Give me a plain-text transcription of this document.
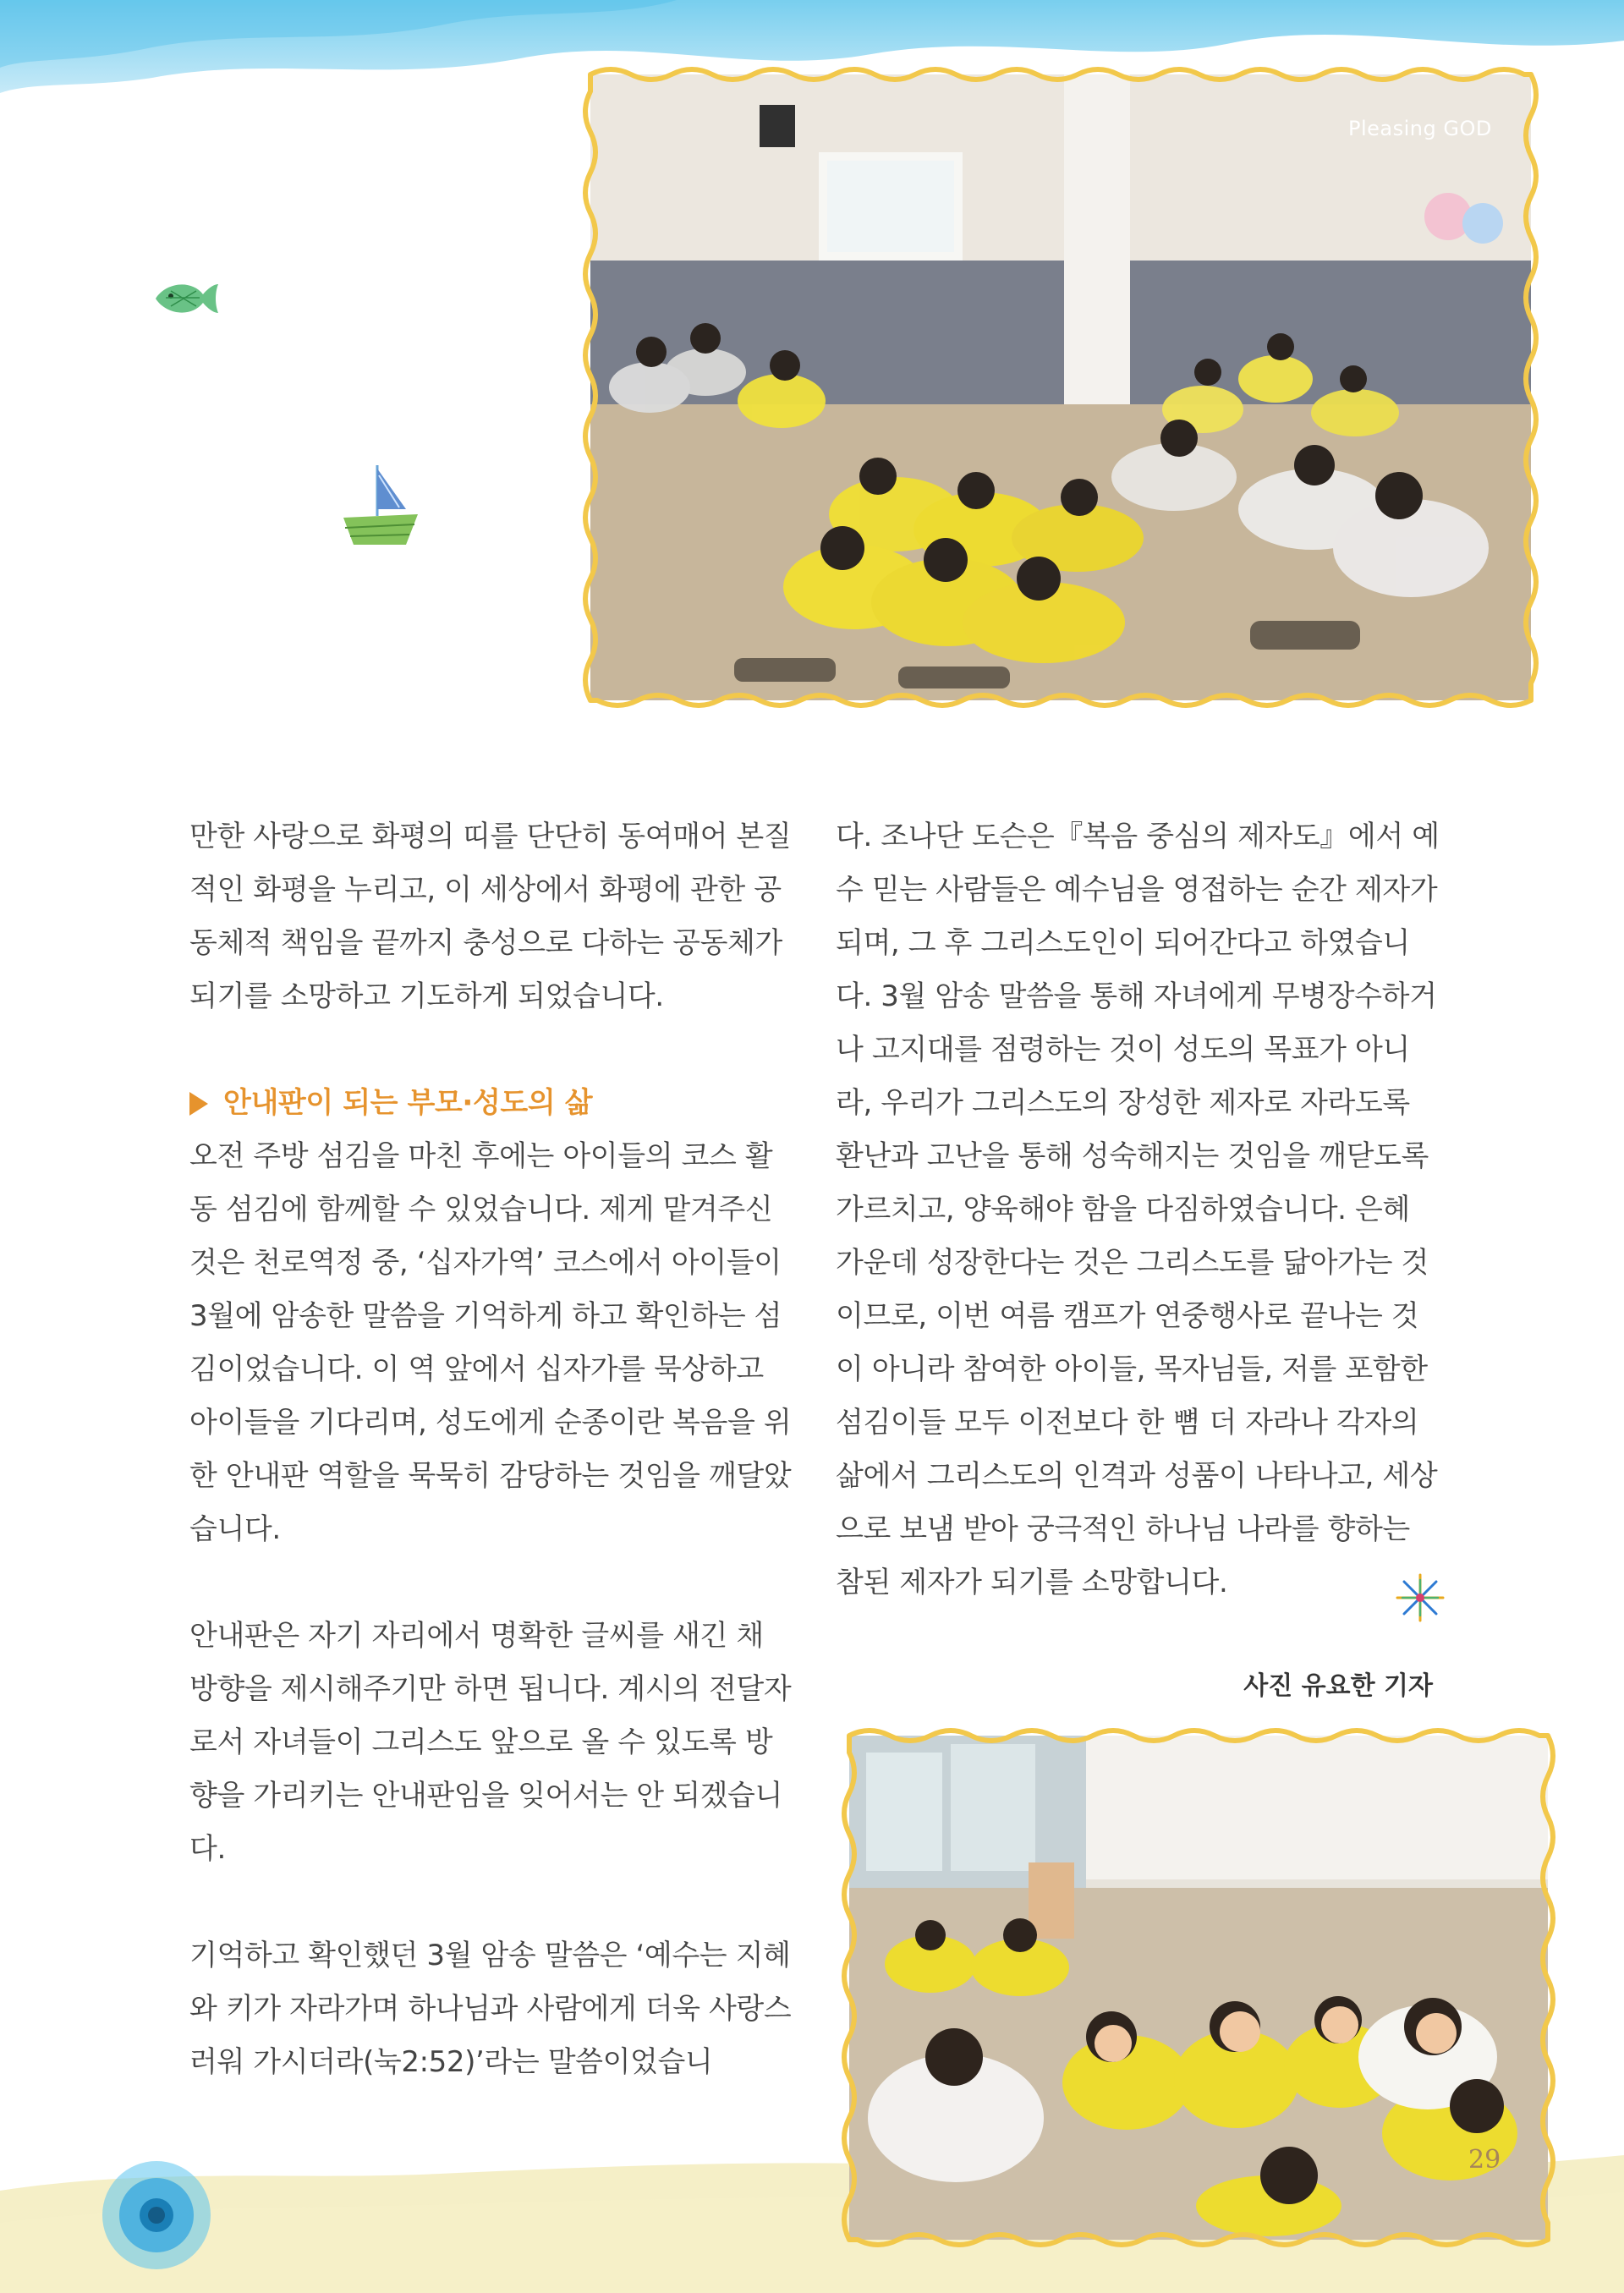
Pleasing GOD

만한 사랑으로 화평의 띠를 단단히 동여매어 본질적인 화평을 누리고, 이 세상에서 화평에 관한 공동체적 책임을 끝까지 충성으로 다하는 공동체가 되기를 소망하고 기도하게 되었습니다.

안내판이 되는 부모·성도의 삶

오전 주방 섬김을 마친 후에는 아이들의 코스 활동 섬김에 함께할 수 있었습니다. 제게 맡겨주신 것은 천로역정 중, ‘십자가역’ 코스에서 아이들이 3월에 암송한 말씀을 기억하게 하고 확인하는 섬김이었습니다. 이 역 앞에서 십자가를 묵상하고 아이들을 기다리며, 성도에게 순종이란 복음을 위한 안내판 역할을 묵묵히 감당하는 것임을 깨달았습니다.

안내판은 자기 자리에서 명확한 글씨를 새긴 채 방향을 제시해주기만 하면 됩니다. 계시의 전달자로서 자녀들이 그리스도 앞으로 올 수 있도록 방향을 가리키는 안내판임을 잊어서는 안 되겠습니다.

기억하고 확인했던 3월 암송 말씀은 ‘예수는 지혜와 키가 자라가며 하나님과 사람에게 더욱 사랑스러워 가시더라(눅2:52)’라는 말씀이었습니

다. 조나단 도슨은『복음 중심의 제자도』에서 예수 믿는 사람들은 예수님을 영접하는 순간 제자가 되며, 그 후 그리스도인이 되어간다고 하였습니다. 3월 암송 말씀을 통해 자녀에게 무병장수하거나 고지대를 점령하는 것이 성도의 목표가 아니라, 우리가 그리스도의 장성한 제자로 자라도록 환난과 고난을 통해 성숙해지는 것임을 깨닫도록 가르치고, 양육해야 함을 다짐하였습니다. 은혜 가운데 성장한다는 것은 그리스도를 닮아가는 것이므로, 이번 여름 캠프가 연중행사로 끝나는 것이 아니라 참여한 아이들, 목자님들, 저를 포함한 섬김이들 모두 이전보다 한 뼘 더 자라나 각자의 삶에서 그리스도의 인격과 성품이 나타나고, 세상으로 보냄 받아 궁극적인 하나님 나라를 향하는 참된 제자가 되기를 소망합니다.

사진 유요한 기자
29
